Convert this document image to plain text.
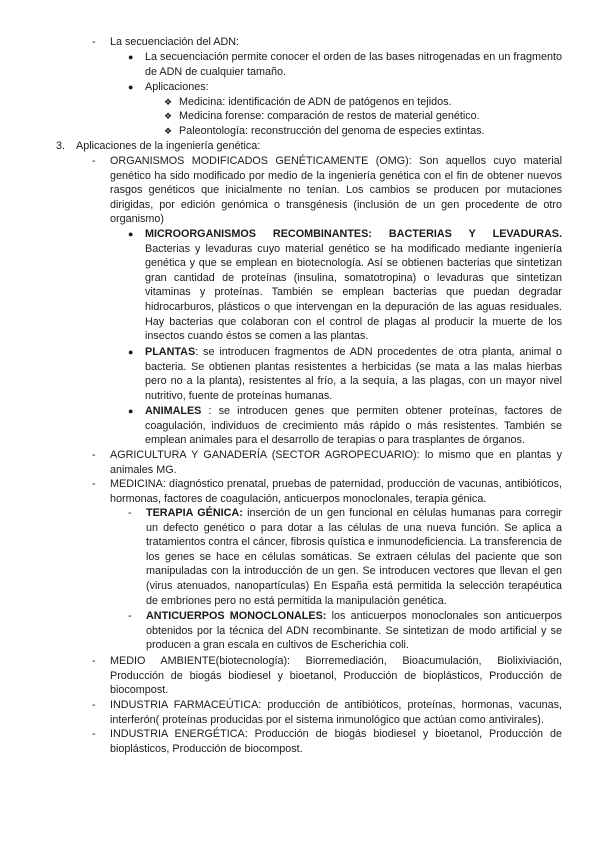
-	La secuenciación del ADN:
●	La secuenciación permite conocer el orden de las bases nitrogenadas en un fragmento de ADN de cualquier tamaño.
●	Aplicaciones:
❖ Medicina: identificación de ADN de patógenos en tejidos.
❖ Medicina forense: comparación de restos de material genético.
❖ Paleontología: reconstrucción del genoma de especies extintas.
3.	Aplicaciones de la ingeniería genética:
-	ORGANISMOS MODIFICADOS GENÉTICAMENTE (OMG): Son aquellos cuyo material genético ha sido modificado por medio de la ingeniería genética con el fin de obtener nuevos rasgos genéticos que inicialmente no tenían. Los cambios se producen por mutaciones dirigidas, por edición genómica o transgénesis (inclusión de un gen procedente de otro organismo)
●	MICROORGANISMOS RECOMBINANTES: BACTERIAS Y LEVADURAS. Bacterias y levaduras cuyo material genético se ha modificado mediante ingeniería genética y que se emplean en biotecnología. Así se obtienen bacterias que sintetizan gran cantidad de proteínas (insulina, somatotropina) o levaduras que sintetizan vitaminas y proteínas. También se emplean bacterias que puedan degradar hidrocarburos, plásticos o que intervengan en la depuración de las aguas residuales. Hay bacterias que colaboran con el control de plagas al producir la muerte de los insectos cuando éstos se comen a las plantas.
●	PLANTAS: se introducen fragmentos de ADN procedentes de otra planta, animal o bacteria. Se obtienen plantas resistentes a herbicidas (se mata a las malas hierbas pero no a la planta), resistentes al frío, a la sequía, a las plagas, con un mayor nivel nutritivo, fuente de proteínas humanas.
●	ANIMALES : se introducen genes que permiten obtener proteínas, factores de coagulación, individuos de crecimiento más rápido o más resistentes. También se emplean animales para el desarrollo de terapias o para trasplantes de órganos.
-	AGRICULTURA Y GANADERÍA (SECTOR AGROPECUARIO): lo mismo que en plantas y animales MG.
-	MEDICINA: diagnóstico prenatal, pruebas de paternidad, producción de vacunas, antibióticos, hormonas, factores de coagulación, anticuerpos monoclonales, terapia génica.
-	TERAPIA GÉNICA: inserción de un gen funcional en células humanas para corregir un defecto genético o para dotar a las células de una nueva función. Se aplica a tratamientos contra el cáncer, fibrosis quística e inmunodeficiencia. La transferencia de los genes se hace en células somáticas. Se extraen células del paciente que son manipuladas con la introducción de un gen. Se introducen vectores que llevan el gen (virus atenuados, nanopartículas) En España está permitida la selección terapéutica de embriones pero no está permitida la manipulación genética.
-	ANTICUERPOS MONOCLONALES: los anticuerpos monoclonales son anticuerpos obtenidos por la técnica del ADN recombinante. Se sintetizan de modo artificial y se producen a gran escala en cultivos de Escherichia coli.
-	MEDIO AMBIENTE(biotecnología): Biorremediación, Bioacumulación, Biolixiviación, Producción de biogás biodiesel y bioetanol, Producción de bioplásticos, Producción de biocompost.
-	INDUSTRIA FARMACEÚTICA: producción de antibióticos, proteínas, hormonas, vacunas, interferón( proteínas producidas por el sistema inmunológico que actúan como antivirales).
-	INDUSTRIA ENERGÉTICA: Producción de biogás biodiesel y bioetanol, Producción de bioplásticos, Producción de biocompost.
